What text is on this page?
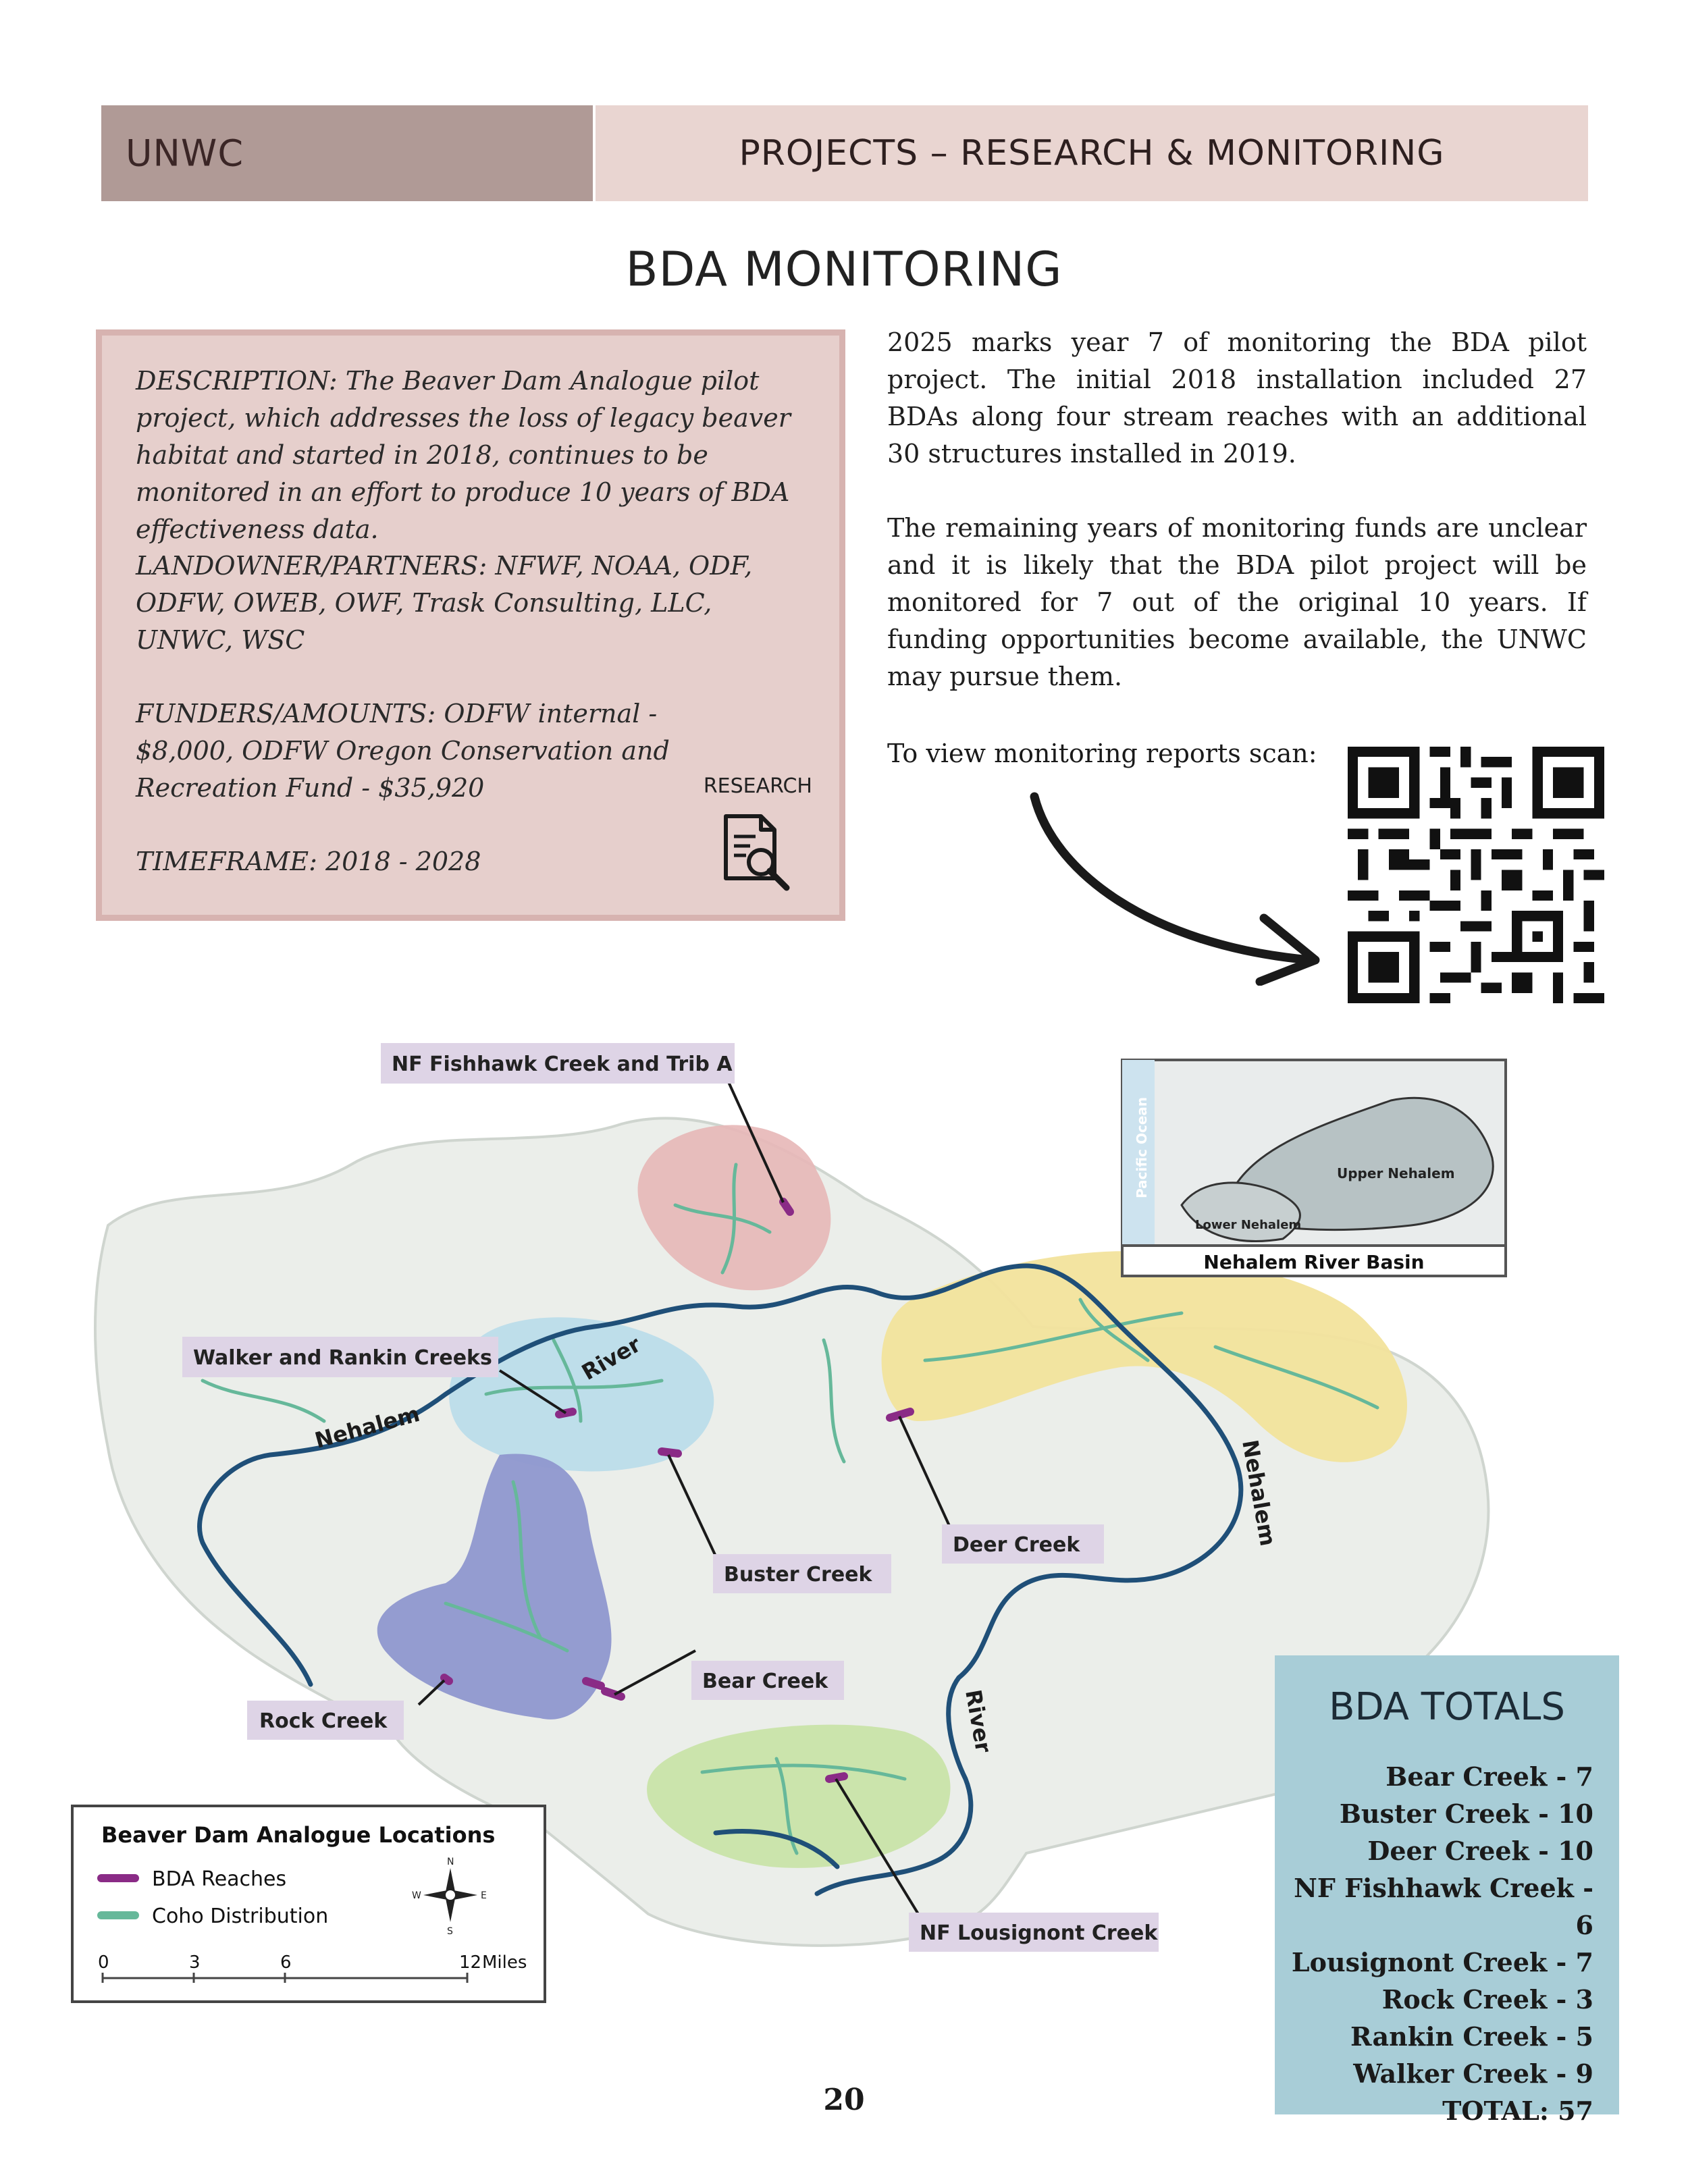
UNWC	PROJECTS – RESEARCH & MONITORING
BDA MONITORING
DESCRIPTION: The Beaver Dam Analogue pilot project, which addresses the loss of legacy beaver habitat and started in 2018, continues to be monitored in an effort to produce 10 years of BDA effectiveness data.
LANDOWNER/PARTNERS: NFWF, NOAA, ODF, ODFW, OWEB, OWF, Trask Consulting, LLC, UNWC, WSC
FUNDERS/AMOUNTS: ODFW internal - $8,000, ODFW Oregon Conservation and Recreation Fund - $35,920
TIMEFRAME: 2018 - 2028
RESEARCH
2025 marks year 7 of monitoring the BDA pilot project. The initial 2018 installation included 27 BDAs along four stream reaches with an additional 30 structures installed in 2019.
The remaining years of monitoring funds are unclear and it is likely that the BDA pilot project will be monitored for 7 out of the original 10 years. If funding opportunities become available, the UNWC may pursue them.
To view monitoring reports scan:
River
Nehalem
Nehalem
River
NF Fishhawk Creek and Trib A
Walker and Rankin Creeks
Buster Creek
Deer Creek
Bear Creek
Rock Creek
NF Lousignont Creek
Pacific Ocean	Upper Nehalem
Lower Nehalem
Nehalem River Basin
Beaver Dam Analogue Locations
BDA Reaches
Coho Distribution
N
S
E
W
0	3	6	12 Miles
BDA TOTALS
Bear Creek - 7
Buster Creek - 10
Deer Creek - 10
NF Fishhawk Creek - 6
Lousignont Creek - 7
Rock Creek - 3
Rankin Creek - 5
Walker Creek - 9
TOTAL: 57
20
